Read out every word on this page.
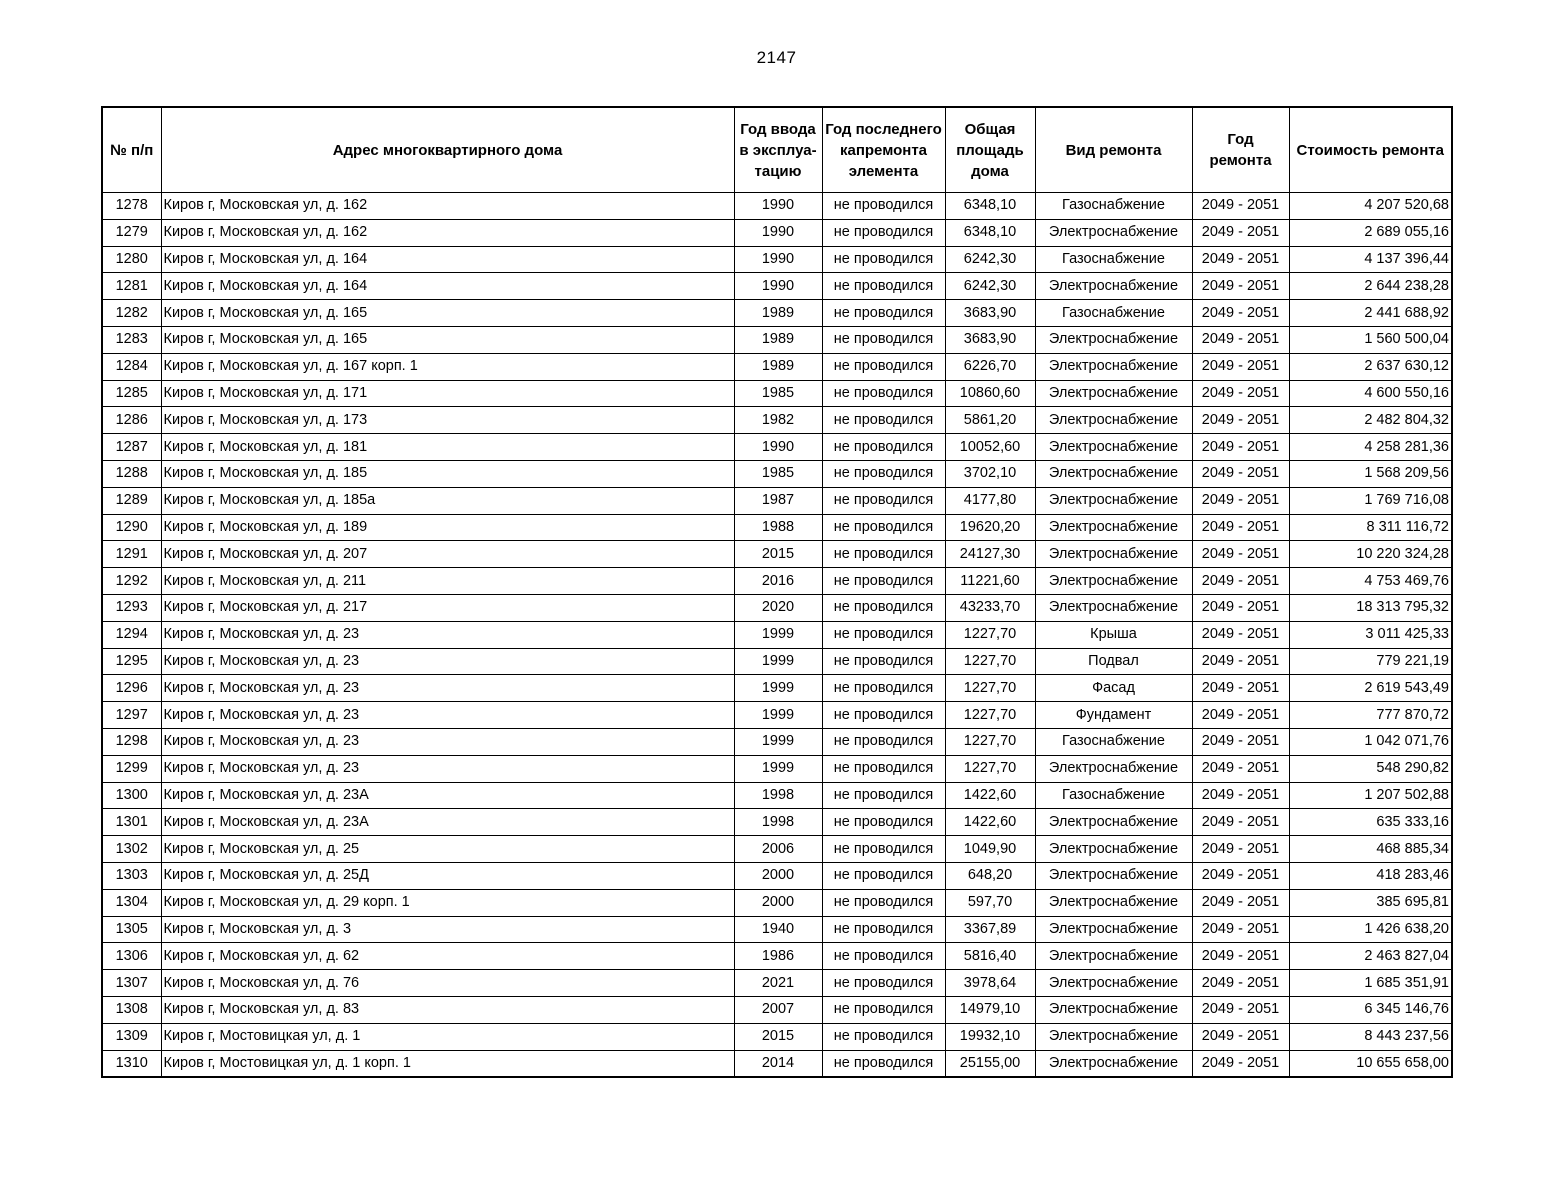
2147
№ п/п	Адрес многоквартирного дома	Год ввода в эксплуа- тацию	Год последнего капремонта элемента	Общая площадь дома	Вид ремонта	Год ремонта	Стоимость ремонта
1278	Киров г, Московская ул, д. 162	1990	не проводился	6348,10	Газоснабжение	2049 - 2051	4 207 520,68
1279	Киров г, Московская ул, д. 162	1990	не проводился	6348,10	Электроснабжение	2049 - 2051	2 689 055,16
1280	Киров г, Московская ул, д. 164	1990	не проводился	6242,30	Газоснабжение	2049 - 2051	4 137 396,44
1281	Киров г, Московская ул, д. 164	1990	не проводился	6242,30	Электроснабжение	2049 - 2051	2 644 238,28
1282	Киров г, Московская ул, д. 165	1989	не проводился	3683,90	Газоснабжение	2049 - 2051	2 441 688,92
1283	Киров г, Московская ул, д. 165	1989	не проводился	3683,90	Электроснабжение	2049 - 2051	1 560 500,04
1284	Киров г, Московская ул, д. 167 корп. 1	1989	не проводился	6226,70	Электроснабжение	2049 - 2051	2 637 630,12
1285	Киров г, Московская ул, д. 171	1985	не проводился	10860,60	Электроснабжение	2049 - 2051	4 600 550,16
1286	Киров г, Московская ул, д. 173	1982	не проводился	5861,20	Электроснабжение	2049 - 2051	2 482 804,32
1287	Киров г, Московская ул, д. 181	1990	не проводился	10052,60	Электроснабжение	2049 - 2051	4 258 281,36
1288	Киров г, Московская ул, д. 185	1985	не проводился	3702,10	Электроснабжение	2049 - 2051	1 568 209,56
1289	Киров г, Московская ул, д. 185а	1987	не проводился	4177,80	Электроснабжение	2049 - 2051	1 769 716,08
1290	Киров г, Московская ул, д. 189	1988	не проводился	19620,20	Электроснабжение	2049 - 2051	8 311 116,72
1291	Киров г, Московская ул, д. 207	2015	не проводился	24127,30	Электроснабжение	2049 - 2051	10 220 324,28
1292	Киров г, Московская ул, д. 211	2016	не проводился	11221,60	Электроснабжение	2049 - 2051	4 753 469,76
1293	Киров г, Московская ул, д. 217	2020	не проводился	43233,70	Электроснабжение	2049 - 2051	18 313 795,32
1294	Киров г, Московская ул, д. 23	1999	не проводился	1227,70	Крыша	2049 - 2051	3 011 425,33
1295	Киров г, Московская ул, д. 23	1999	не проводился	1227,70	Подвал	2049 - 2051	779 221,19
1296	Киров г, Московская ул, д. 23	1999	не проводился	1227,70	Фасад	2049 - 2051	2 619 543,49
1297	Киров г, Московская ул, д. 23	1999	не проводился	1227,70	Фундамент	2049 - 2051	777 870,72
1298	Киров г, Московская ул, д. 23	1999	не проводился	1227,70	Газоснабжение	2049 - 2051	1 042 071,76
1299	Киров г, Московская ул, д. 23	1999	не проводился	1227,70	Электроснабжение	2049 - 2051	548 290,82
1300	Киров г, Московская ул, д. 23А	1998	не проводился	1422,60	Газоснабжение	2049 - 2051	1 207 502,88
1301	Киров г, Московская ул, д. 23А	1998	не проводился	1422,60	Электроснабжение	2049 - 2051	635 333,16
1302	Киров г, Московская ул, д. 25	2006	не проводился	1049,90	Электроснабжение	2049 - 2051	468 885,34
1303	Киров г, Московская ул, д. 25Д	2000	не проводился	648,20	Электроснабжение	2049 - 2051	418 283,46
1304	Киров г, Московская ул, д. 29 корп. 1	2000	не проводился	597,70	Электроснабжение	2049 - 2051	385 695,81
1305	Киров г, Московская ул, д. 3	1940	не проводился	3367,89	Электроснабжение	2049 - 2051	1 426 638,20
1306	Киров г, Московская ул, д. 62	1986	не проводился	5816,40	Электроснабжение	2049 - 2051	2 463 827,04
1307	Киров г, Московская ул, д. 76	2021	не проводился	3978,64	Электроснабжение	2049 - 2051	1 685 351,91
1308	Киров г, Московская ул, д. 83	2007	не проводился	14979,10	Электроснабжение	2049 - 2051	6 345 146,76
1309	Киров г, Мостовицкая ул, д. 1	2015	не проводился	19932,10	Электроснабжение	2049 - 2051	8 443 237,56
1310	Киров г, Мостовицкая ул, д. 1 корп. 1	2014	не проводился	25155,00	Электроснабжение	2049 - 2051	10 655 658,00
